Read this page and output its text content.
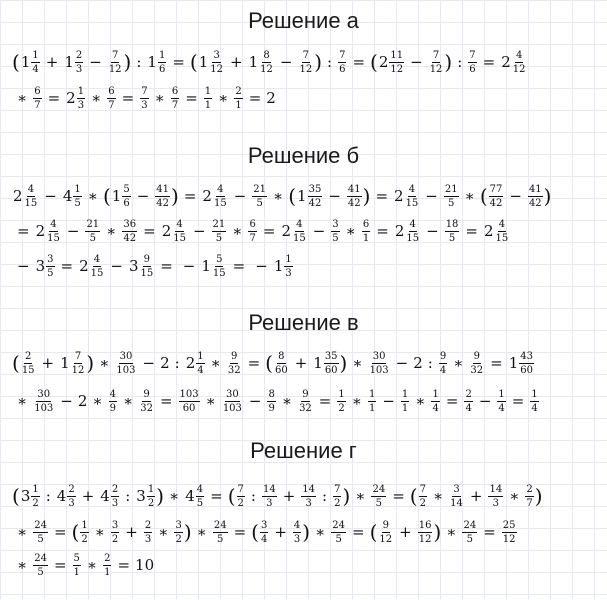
Решение а
( $1 \frac{1}{4} + 1 \frac{2}{3} - \frac{7}{12}$ ) : $1 \frac{1}{6}$ = ( $1 \frac{3}{12} + 1 \frac{8}{12} - \frac{7}{12}$ ) : $\frac{7}{6}$ = ( $2 \frac{11}{12} - \frac{7}{12}$ ) : $\frac{7}{6} = 2 \frac{4}{12}$
∗ $\frac{6}{7} = 2 \frac{1}{3}$ ∗ $\frac{6}{7} = \frac{7}{3}$ ∗ $\frac{6}{7} = \frac{1}{1}$ ∗ $\frac{2}{1} = 2$
Решение б
$2 \frac{4}{15} - 4 \frac{1}{5}$ ∗ ( $1 \frac{5}{6} - \frac{41}{42}$ ) = $2 \frac{4}{15} - \frac{21}{5}$ ∗ ( $1 \frac{35}{42} - \frac{41}{42}$ ) = $2 \frac{4}{15} - \frac{21}{5}$ ∗ ( $\frac{77}{42} - \frac{41}{42}$ )
= $2 \frac{4}{15} - \frac{21}{5}$ ∗ $\frac{36}{42} = 2 \frac{4}{15} - \frac{21}{5}$ ∗ $\frac{6}{7} = 2 \frac{4}{15} - \frac{3}{5}$ ∗ $\frac{6}{1} = 2 \frac{4}{15} - \frac{18}{5} = 2 \frac{4}{15}$
− $3 \frac{3}{5} = 2 \frac{4}{15} - 3 \frac{9}{15}$ = − $1 \frac{5}{15}$ = − $1 \frac{1}{3}$
Решение в
( $\frac{2}{15} + 1 \frac{7}{12}$ ) ∗ $\frac{30}{103} - 2$ : $2 \frac{1}{4}$ ∗ $\frac{9}{32}$ = ( $\frac{8}{60} + 1 \frac{35}{60}$ ) ∗ $\frac{30}{103} - 2$ : $\frac{9}{4}$ ∗ $\frac{9}{32} = 1 \frac{43}{60}$
∗ $\frac{30}{103} - 2$ ∗ $\frac{4}{9}$ ∗ $\frac{9}{32} = \frac{103}{60}$ ∗ $\frac{30}{103} - \frac{8}{9}$ ∗ $\frac{9}{32} = \frac{1}{2}$ ∗ $\frac{1}{1} - \frac{1}{1}$ ∗ $\frac{1}{4} = \frac{2}{4} - \frac{1}{4} = \frac{1}{4}$
Решение г
( $3 \frac{1}{2}$ : $4 \frac{2}{3} + 4 \frac{2}{3}$ : $3 \frac{1}{2}$ ) ∗ $4 \frac{4}{5}$ = ( $\frac{7}{2}$ : $\frac{14}{3} + \frac{14}{3}$ : $\frac{7}{2}$ ) ∗ $\frac{24}{5}$ = ( $\frac{7}{2}$ ∗ $\frac{3}{14} + \frac{14}{3}$ ∗ $\frac{2}{7}$ )
∗ $\frac{24}{5}$ = ( $\frac{1}{2}$ ∗ $\frac{3}{2} + \frac{2}{3}$ ∗ $\frac{3}{2}$ ) ∗ $\frac{24}{5}$ = ( $\frac{3}{4} + \frac{4}{3}$ ) ∗ $\frac{24}{5}$ = ( $\frac{9}{12} + \frac{16}{12}$ ) ∗ $\frac{24}{5} = \frac{25}{12}$
∗ $\frac{24}{5} = \frac{5}{1}$ ∗ $\frac{2}{1} = 10$
